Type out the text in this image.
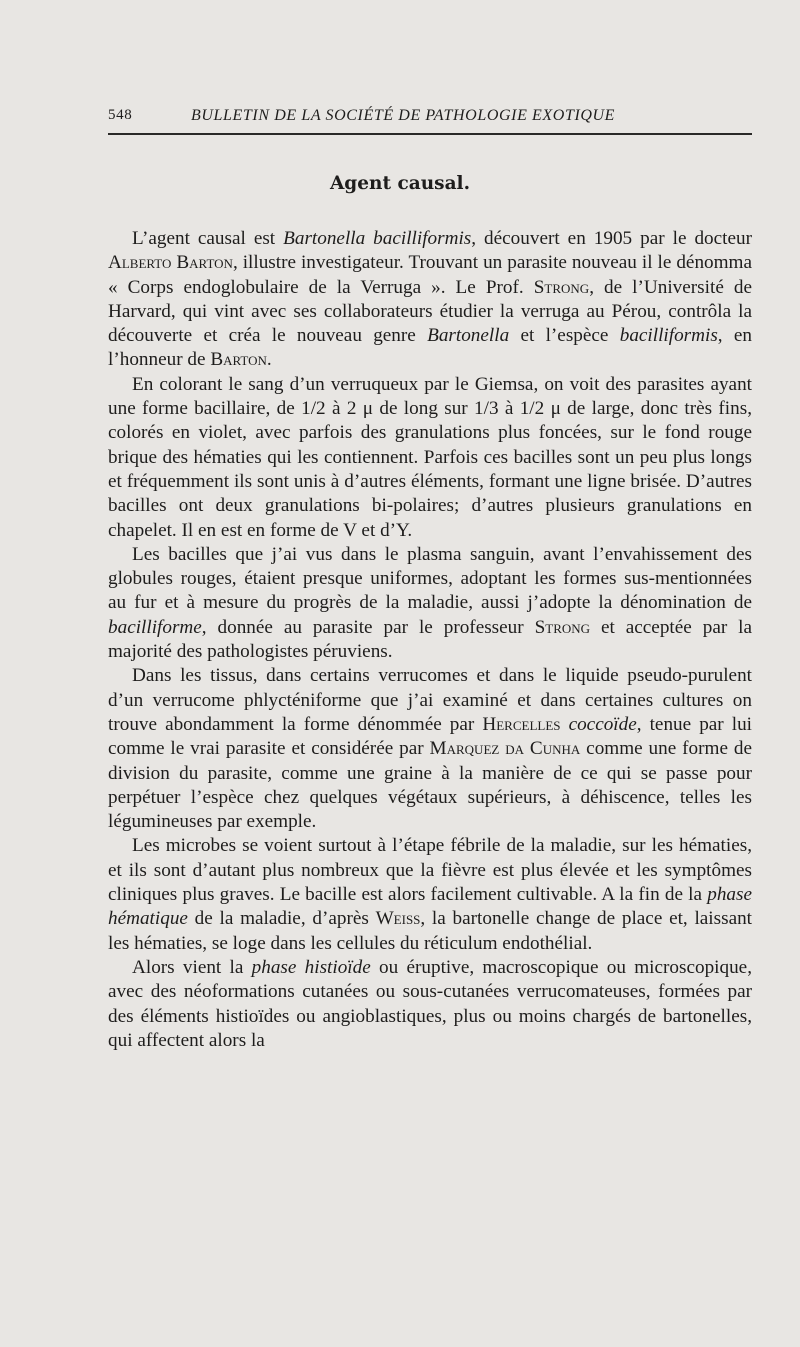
548	BULLETIN DE LA SOCIÉTÉ DE PATHOLOGIE EXOTIQUE
Agent causal.

L’agent causal est Bartonella bacilliformis, découvert en 1905 par le docteur Alberto Barton, illustre investigateur. Trouvant un parasite nouveau il le dénomma « Corps endoglobulaire de la Verruga ». Le Prof. Strong, de l’Université de Harvard, qui vint avec ses collaborateurs étudier la verruga au Pérou, contrôla la découverte et créa le nouveau genre Bartonella et l’espèce bacilliformis, en l’honneur de Barton.

En colorant le sang d’un verruqueux par le Giemsa, on voit des parasites ayant une forme bacillaire, de 1/2 à 2 μ de long sur 1/3 à 1/2 μ de large, donc très fins, colorés en violet, avec parfois des granulations plus foncées, sur le fond rouge brique des hématies qui les contiennent. Parfois ces bacilles sont un peu plus longs et fréquemment ils sont unis à d’autres éléments, formant une ligne brisée. D’autres bacilles ont deux granulations bi-polaires; d’autres plusieurs granulations en chapelet. Il en est en forme de V et d’Y.

Les bacilles que j’ai vus dans le plasma sanguin, avant l’envahissement des globules rouges, étaient presque uniformes, adoptant les formes sus-mentionnées au fur et à mesure du progrès de la maladie, aussi j’adopte la dénomination de bacilliforme, donnée au parasite par le professeur Strong et acceptée par la majorité des pathologistes péruviens.

Dans les tissus, dans certains verrucomes et dans le liquide pseudo-purulent d’un verrucome phlycténiforme que j’ai examiné et dans certaines cultures on trouve abondamment la forme dénommée par Hercelles coccoïde, tenue par lui comme le vrai parasite et considérée par Marquez da Cunha comme une forme de division du parasite, comme une graine à la manière de ce qui se passe pour perpétuer l’espèce chez quelques végétaux supérieurs, à déhiscence, telles les légumineuses par exemple.

Les microbes se voient surtout à l’étape fébrile de la maladie, sur les hématies, et ils sont d’autant plus nombreux que la fièvre est plus élevée et les symptômes cliniques plus graves. Le bacille est alors facilement cultivable. A la fin de la phase hématique de la maladie, d’après Weiss, la bartonelle change de place et, laissant les hématies, se loge dans les cellules du réticulum endothélial.

Alors vient la phase histioïde ou éruptive, macroscopique ou microscopique, avec des néoformations cutanées ou sous-cutanées verrucomateuses, formées par des éléments histioïdes ou angioblastiques, plus ou moins chargés de bartonelles, qui affectent alors la
